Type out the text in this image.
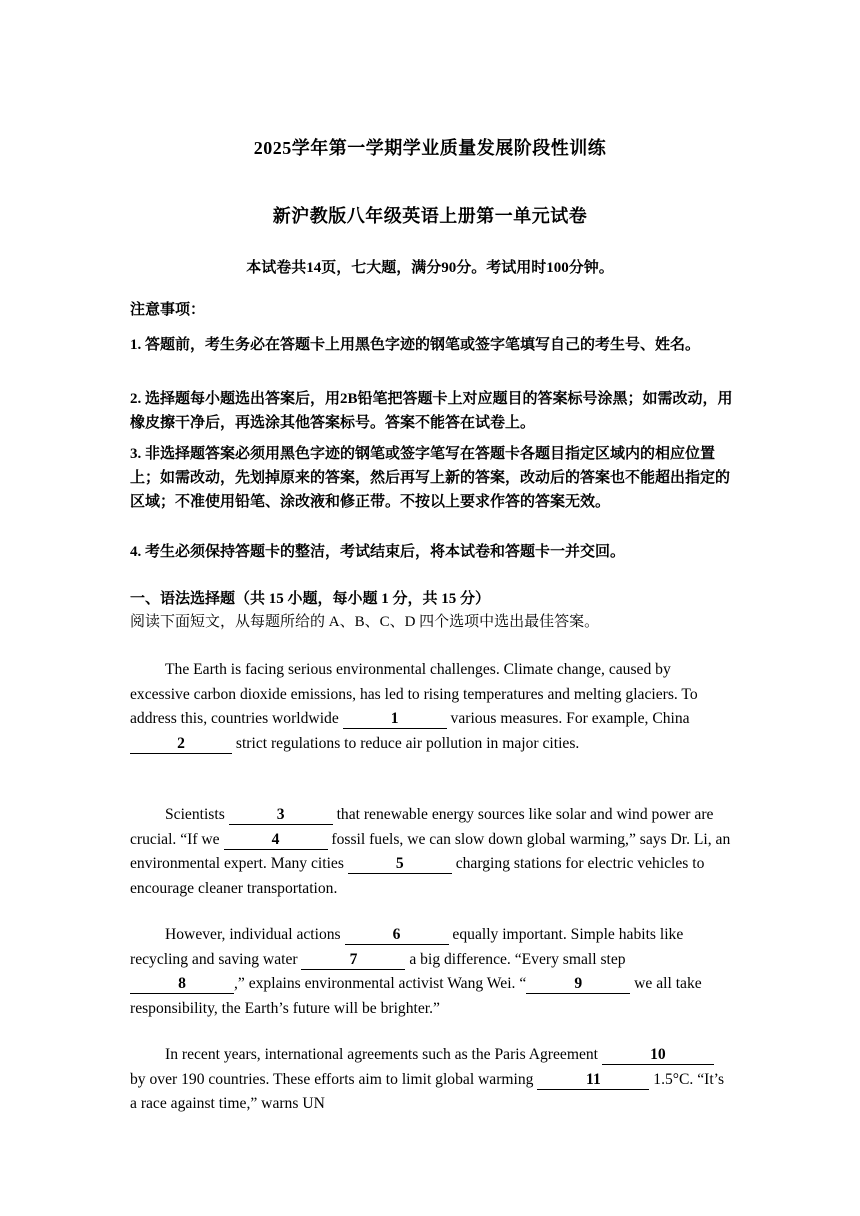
2025学年第一学期学业质量发展阶段性训练
新沪教版八年级英语上册第一单元试卷
本试卷共14页，七大题，满分90分。考试用时100分钟。
注意事项：
1. 答题前，考生务必在答题卡上用黑色字迹的钢笔或签字笔填写自己的考生号、姓名。
2. 选择题每小题选出答案后，用2B铅笔把答题卡上对应题目的答案标号涂黑；如需改动，用橡皮擦干净后，再选涂其他答案标号。答案不能答在试卷上。
3. 非选择题答案必须用黑色字迹的钢笔或签字笔写在答题卡各题目指定区域内的相应位置上；如需改动，先划掉原来的答案，然后再写上新的答案，改动后的答案也不能超出指定的区域；不准使用铅笔、涂改液和修正带。不按以上要求作答的答案无效。
4. 考生必须保持答题卡的整洁，考试结束后，将本试卷和答题卡一并交回。
一、语法选择题（共 15 小题，每小题 1 分，共 15 分）
阅读下面短文，从每题所给的 A、B、C、D 四个选项中选出最佳答案。
The Earth is facing serious environmental challenges. Climate change, caused by excessive carbon dioxide emissions, has led to rising temperatures and melting glaciers. To address this, countries worldwide	1	various measures. For example, China 2	strict regulations to reduce air pollution in major cities.
Scientists	3	that renewable energy sources like solar and wind power are crucial. “If we	4	fossil fuels, we can slow down global warming,” says Dr. Li, an environmental expert. Many cities	5	charging stations for electric vehicles to encourage cleaner transportation.
However, individual actions	6	equally important. Simple habits like recycling and saving water	7	a big difference. “Every small step 8	,” explains environmental activist Wang Wei. “	9	we all take responsibility, the Earth’s future will be brighter.”
In recent years, international agreements such as the Paris Agreement	10 by over 190 countries. These efforts aim to limit global warming	11	1.5°C. “It’s a race against time,” warns UN
